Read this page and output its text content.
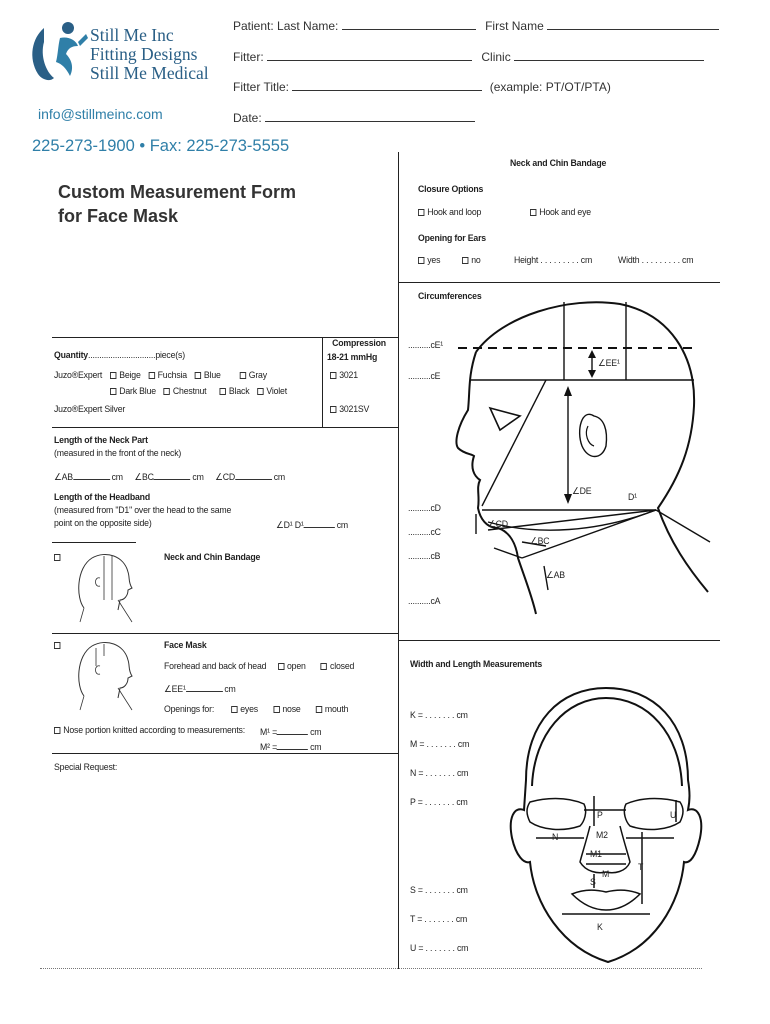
Still Me Inc
Fitting Designs
Still Me Medical
info@stillmeinc.com
225-273-1900 • Fax: 225-273-5555
Patient: Last Name:	First Name
Fitter:	Clinic
Fitter Title:	(example: PT/OT/PTA)
Date:
Custom Measurement Form
for Face Mask
Compression
18-21 mmHg
Quantity..............................piece(s)
Juzo®Expert	Beige Fuchsia Blue	Gray	3021
Dark Blue Chestnut Black Violet
Juzo®Expert Silver	3021SV
Length of the Neck Part
(measured in the front of the neck)
∠AB	cm ∠BC	cm ∠CD	cm
Length of the Headband
(measured from "D1" over the head to the same
point on the opposite side)	∠D¹ D¹	cm
Neck and Chin Bandage
Face Mask
Forehead and back of head open	closed
∠EE¹	cm
Openings for:	eyes	nose	mouth
Nose portion knitted according to measurements: M¹ =	cm
M² =	cm
Special Request:
Neck and Chin Bandage
Closure Options
Hook and loop	Hook and eye
Opening for Ears
yes	no	Height . . . . . . . . . cm	Width . . . . . . . . . cm
Circumferences
..........cE¹
..........cE
..........cD
..........cC
..........cB
..........cA
∠EE¹
∠DE
D¹
∠CD
∠BC
∠AB
Width and Length Measurements
K = . . . . . . . cm
M = . . . . . . . cm
N = . . . . . . . cm
P = . . . . . . . cm
S = . . . . . . . cm
T = . . . . . . . cm
U = . . . . . . . cm
P	U
N	M2
M1
M
T
S
K
